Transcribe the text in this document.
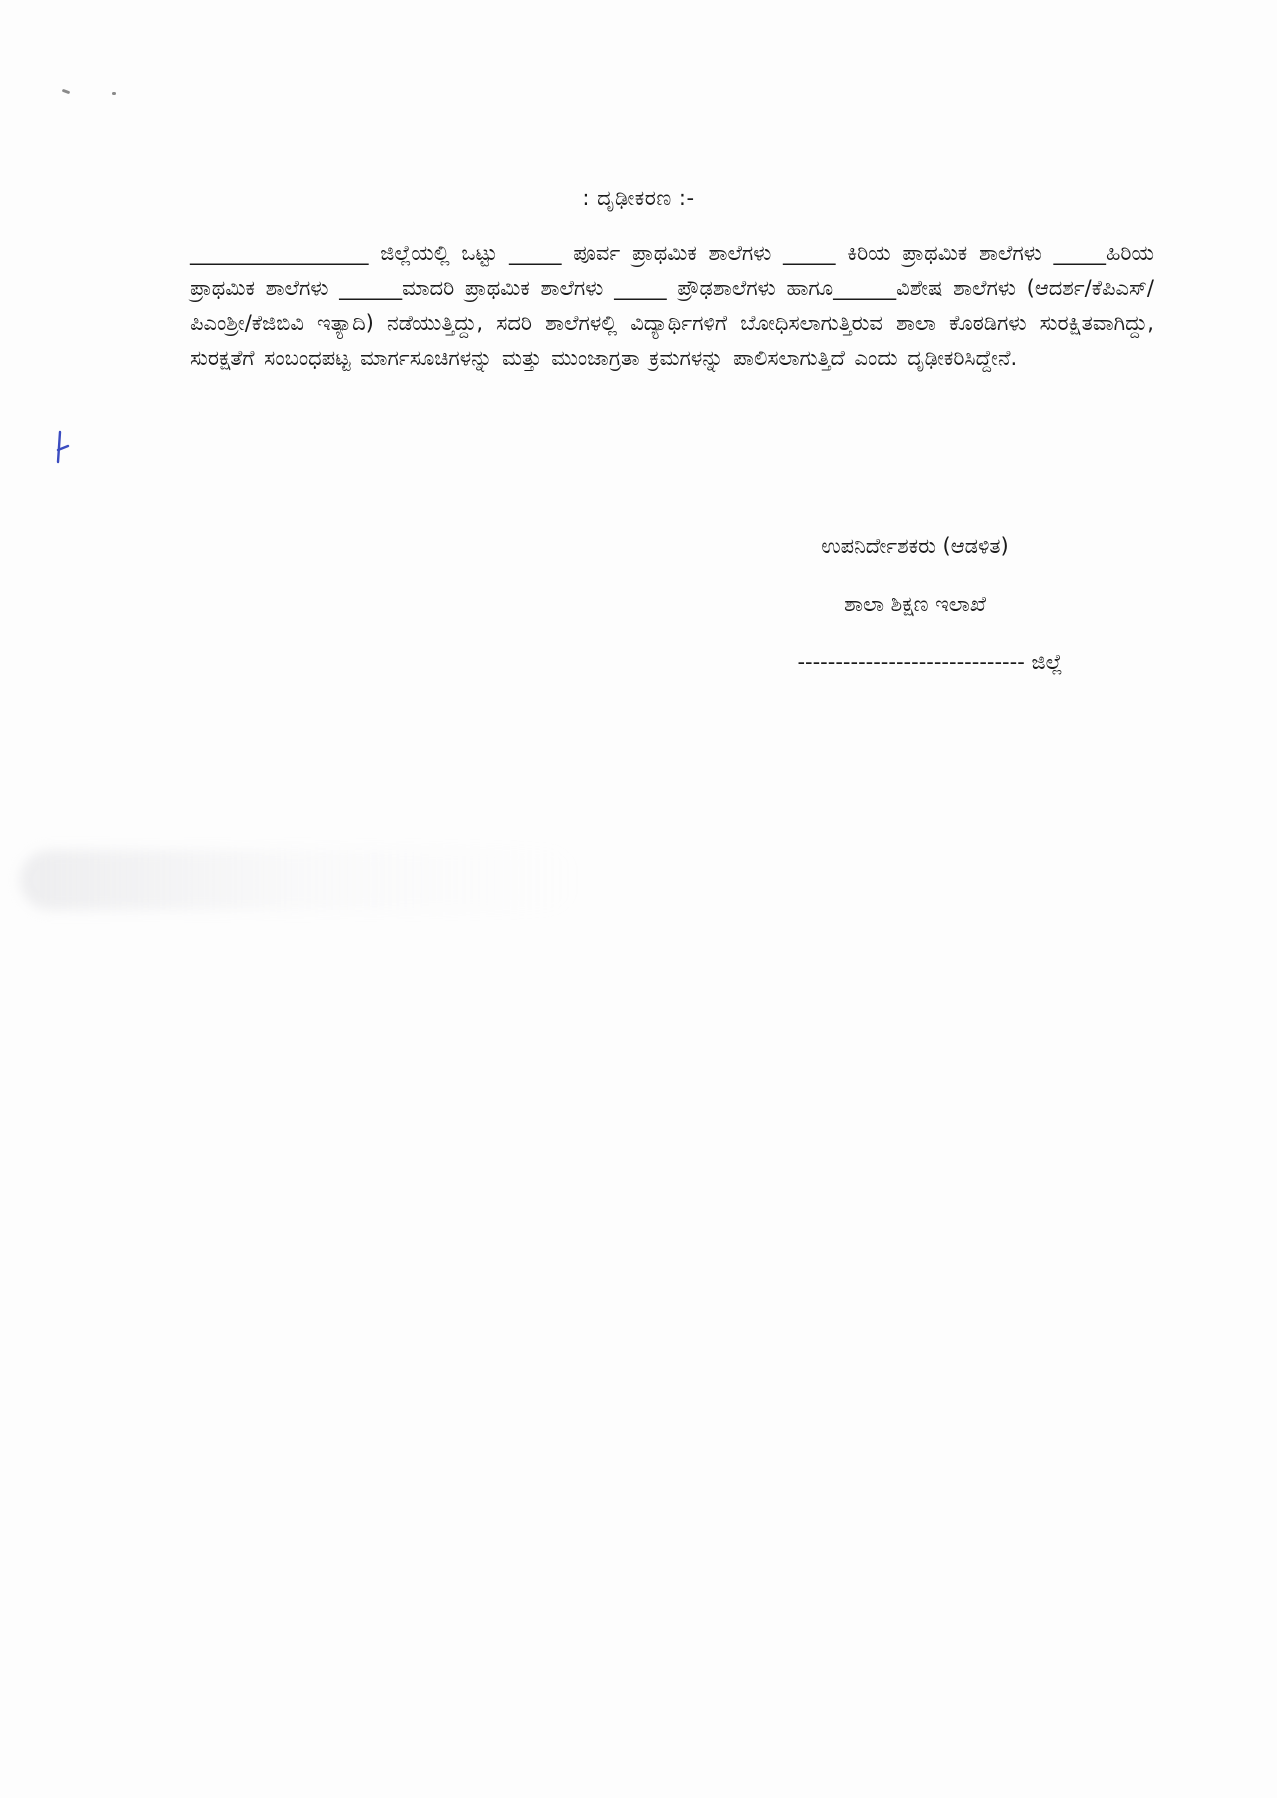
: ದೃಢೀಕರಣ :-
_________________ ಜಿಲ್ಲೆಯಲ್ಲಿ ಒಟ್ಟು _____ ಪೂರ್ವ ಪ್ರಾಥಮಿಕ ಶಾಲೆಗಳು _____ ಕಿರಿಯ ಪ್ರಾಥಮಿಕ ಶಾಲೆಗಳು _____ಹಿರಿಯ ಪ್ರಾಥಮಿಕ ಶಾಲೆಗಳು ______ಮಾದರಿ ಪ್ರಾಥಮಿಕ ಶಾಲೆಗಳು _____ ಪ್ರೌಢಶಾಲೆಗಳು ಹಾಗೂ______ವಿಶೇಷ ಶಾಲೆಗಳು (ಆದರ್ಶ/ಕೆಪಿಎಸ್/ಪಿಎಂಶ್ರೀ/ಕೆಜಿಬಿವಿ ಇತ್ಯಾದಿ) ನಡೆಯುತ್ತಿದ್ದು, ಸದರಿ ಶಾಲೆಗಳಲ್ಲಿ ವಿದ್ಯಾರ್ಥಿಗಳಿಗೆ ಬೋಧಿಸಲಾಗುತ್ತಿರುವ ಶಾಲಾ ಕೊಠಡಿಗಳು ಸುರಕ್ಷಿತವಾಗಿದ್ದು, ಸುರಕ್ಷತೆಗೆ ಸಂಬಂಧಪಟ್ಟ ಮಾರ್ಗಸೂಚಿಗಳನ್ನು ಮತ್ತು ಮುಂಜಾಗ್ರತಾ ಕ್ರಮಗಳನ್ನು ಪಾಲಿಸಲಾಗುತ್ತಿದೆ ಎಂದು ದೃಢೀಕರಿಸಿದ್ದೇನೆ.
ಉಪನಿರ್ದೇಶಕರು (ಆಡಳಿತ)
ಶಾಲಾ ಶಿಕ್ಷಣ ಇಲಾಖೆ
------------------------------ ಜಿಲ್ಲೆ
